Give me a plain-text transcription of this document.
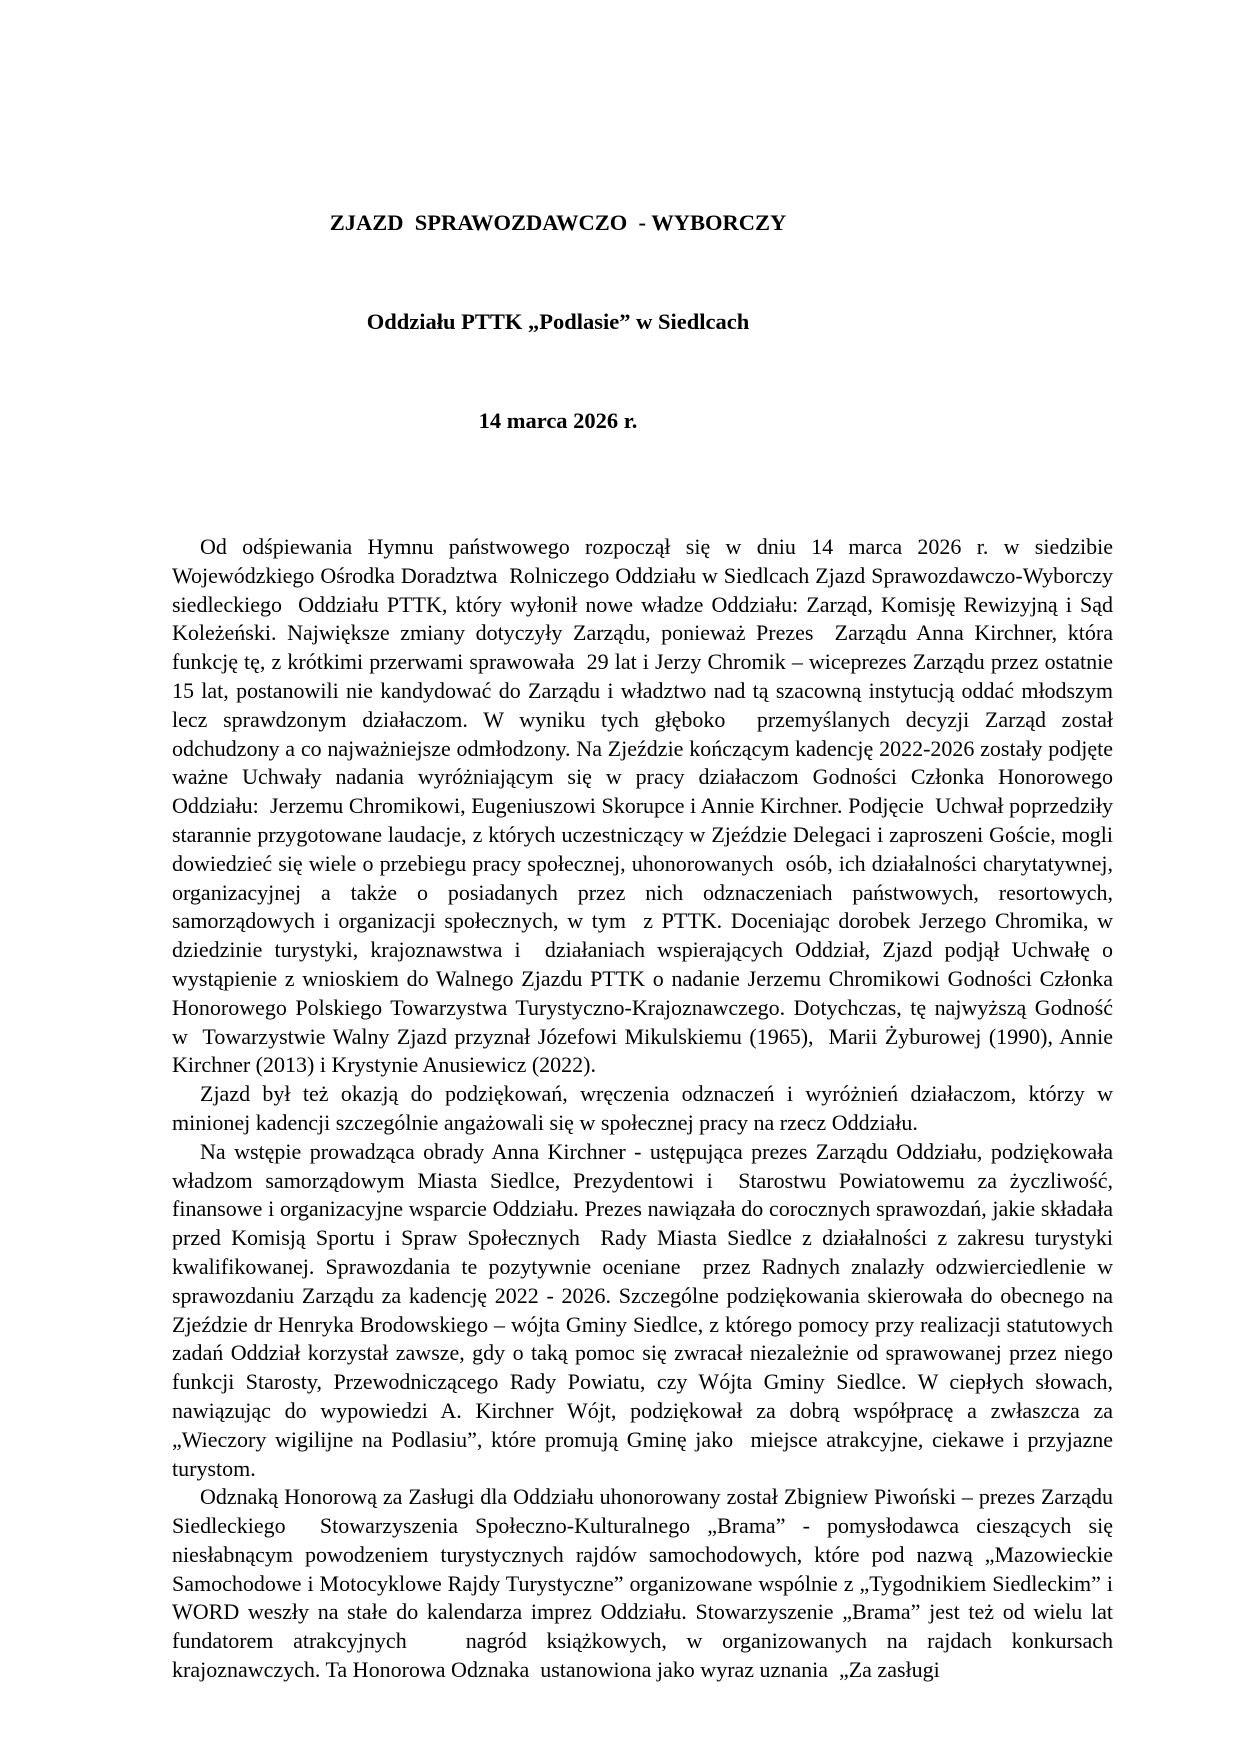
ZJAZD  SPRAWOZDAWCZO  - WYBORCZY

Oddziału PTTK „Podlasie” w Siedlcach

14 marca 2026 r.

Od odśpiewania Hymnu państwowego rozpoczął się w dniu 14 marca 2026 r. w siedzibie Wojewódzkiego Ośrodka Doradztwa  Rolniczego Oddziału w Siedlcach Zjazd Sprawozdawczo-Wyborczy siedleckiego  Oddziału PTTK, który wyłonił nowe władze Oddziału: Zarząd, Komisję Rewizyjną i Sąd Koleżeński. Największe zmiany dotyczyły Zarządu, ponieważ Prezes  Zarządu Anna Kirchner, która funkcję tę, z krótkimi przerwami sprawowała  29 lat i Jerzy Chromik – wiceprezes Zarządu przez ostatnie 15 lat, postanowili nie kandydować do Zarządu i władztwo nad tą szacowną instytucją oddać młodszym lecz sprawdzonym działaczom. W wyniku tych głęboko  przemyślanych decyzji Zarząd został  odchudzony a co najważniejsze odmłodzony. Na Zjeździe kończącym kadencję 2022-2026 zostały podjęte ważne Uchwały nadania wyróżniającym się w pracy działaczom Godności Członka Honorowego Oddziału:  Jerzemu Chromikowi, Eugeniuszowi Skorupce i Annie Kirchner. Podjęcie  Uchwał poprzedziły starannie przygotowane laudacje, z których uczestniczący w Zjeździe Delegaci i zaproszeni Goście, mogli dowiedzieć się wiele o przebiegu pracy społecznej, uhonorowanych  osób, ich działalności charytatywnej, organizacyjnej a także o posiadanych przez nich odznaczeniach państwowych, resortowych, samorządowych i organizacji społecznych, w tym  z PTTK. Doceniając dorobek Jerzego Chromika, w dziedzinie turystyki, krajoznawstwa i  działaniach wspierających Oddział, Zjazd podjął Uchwałę o wystąpienie z wnioskiem do Walnego Zjazdu PTTK o nadanie Jerzemu Chromikowi Godności Członka Honorowego Polskiego Towarzystwa Turystyczno-Krajoznawczego. Dotychczas, tę najwyższą Godność w  Towarzystwie Walny Zjazd przyznał Józefowi Mikulskiemu (1965),  Marii Żyburowej (1990), Annie Kirchner (2013) i Krystynie Anusiewicz (2022).

Zjazd był też okazją do podziękowań, wręczenia odznaczeń i wyróżnień działaczom, którzy w minionej kadencji szczególnie angażowali się w społecznej pracy na rzecz Oddziału.

Na wstępie prowadząca obrady Anna Kirchner - ustępująca prezes Zarządu Oddziału, podziękowała władzom samorządowym Miasta Siedlce, Prezydentowi i  Starostwu Powiatowemu za życzliwość, finansowe i organizacyjne wsparcie Oddziału. Prezes nawiązała do corocznych sprawozdań, jakie składała przed Komisją Sportu i Spraw Społecznych  Rady Miasta Siedlce z działalności z zakresu turystyki kwalifikowanej. Sprawozdania te pozytywnie oceniane  przez Radnych znalazły odzwierciedlenie w sprawozdaniu Zarządu za kadencję 2022 - 2026. Szczególne podziękowania skierowała do obecnego na Zjeździe dr Henryka Brodowskiego – wójta Gminy Siedlce, z którego pomocy przy realizacji statutowych zadań Oddział korzystał zawsze, gdy o taką pomoc się zwracał niezależnie od sprawowanej przez niego funkcji Starosty, Przewodniczącego Rady Powiatu, czy Wójta Gminy Siedlce. W ciepłych słowach, nawiązując do wypowiedzi A. Kirchner Wójt, podziękował za dobrą współpracę a zwłaszcza za  „Wieczory wigilijne na Podlasiu”, które promują Gminę jako  miejsce atrakcyjne, ciekawe i przyjazne turystom.

Odznaką Honorową za Zasługi dla Oddziału uhonorowany został Zbigniew Piwoński – prezes Zarządu Siedleckiego  Stowarzyszenia Społeczno-Kulturalnego „Brama” - pomysłodawca cieszących się niesłabnącym powodzeniem turystycznych rajdów samochodowych, które pod nazwą „Mazowieckie  Samochodowe i Motocyklowe Rajdy Turystyczne” organizowane wspólnie z „Tygodnikiem Siedleckim” i WORD weszły na stałe do kalendarza imprez Oddziału. Stowarzyszenie „Brama” jest też od wielu lat fundatorem atrakcyjnych   nagród książkowych, w organizowanych na rajdach konkursach krajoznawczych. Ta Honorowa Odznaka  ustanowiona jako wyraz uznania  „Za zasługi
